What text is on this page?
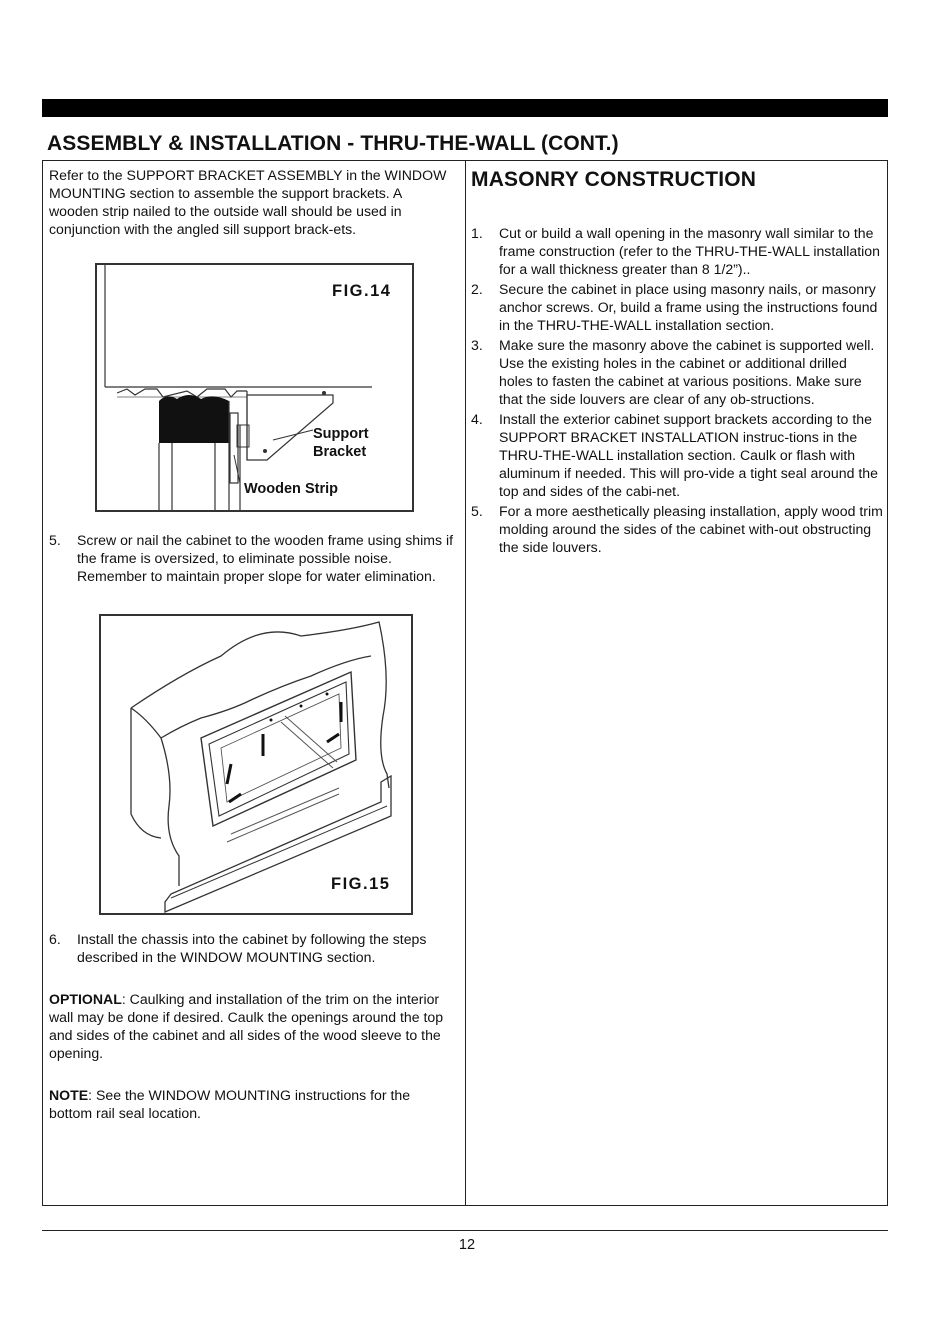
ASSEMBLY & INSTALLATION - THRU-THE-WALL (CONT.)

Refer to the SUPPORT BRACKET ASSEMBLY in the WINDOW MOUNTING section to assemble the support brackets. A wooden strip nailed to the outside wall should be used in conjunction with the angled sill support brack-ets.

FIG.14
Support
Bracket
Wooden Strip
5.	Screw or nail the cabinet to the wooden frame using shims if the frame is oversized, to eliminate possible noise. Remember to maintain proper slope for water elimination.

FIG.15
6.	Install the chassis into the cabinet by following the steps described in the WINDOW MOUNTING section.

OPTIONAL: Caulking and installation of the trim on the interior wall may be done if desired. Caulk the openings around the top and sides of the cabinet and all sides of the wood sleeve to the opening.

NOTE: See the WINDOW MOUNTING instructions for the bottom rail seal location.

MASONRY CONSTRUCTION
1.	Cut or build a wall opening in the masonry wall similar to the frame construction (refer to the THRU-THE-WALL installation for a wall thickness greater than 8 1/2”)..
2.	Secure the cabinet in place using masonry nails, or masonry anchor screws. Or, build a frame using the instructions found in the THRU-THE-WALL installation section.
3.	Make sure the masonry above the cabinet is supported well. Use the existing holes in the cabinet or additional drilled holes to fasten the cabinet at various positions. Make sure that the side louvers are clear of any ob-structions.
4.	Install the exterior cabinet support brackets according to the SUPPORT BRACKET INSTALLATION instruc-tions in the THRU-THE-WALL installation section. Caulk or flash with aluminum if needed. This will pro-vide a tight seal around the top and sides of the cabi-net.
5.	For a more aesthetically pleasing installation, apply wood trim molding around the sides of the cabinet with-out obstructing the side louvers.
12
